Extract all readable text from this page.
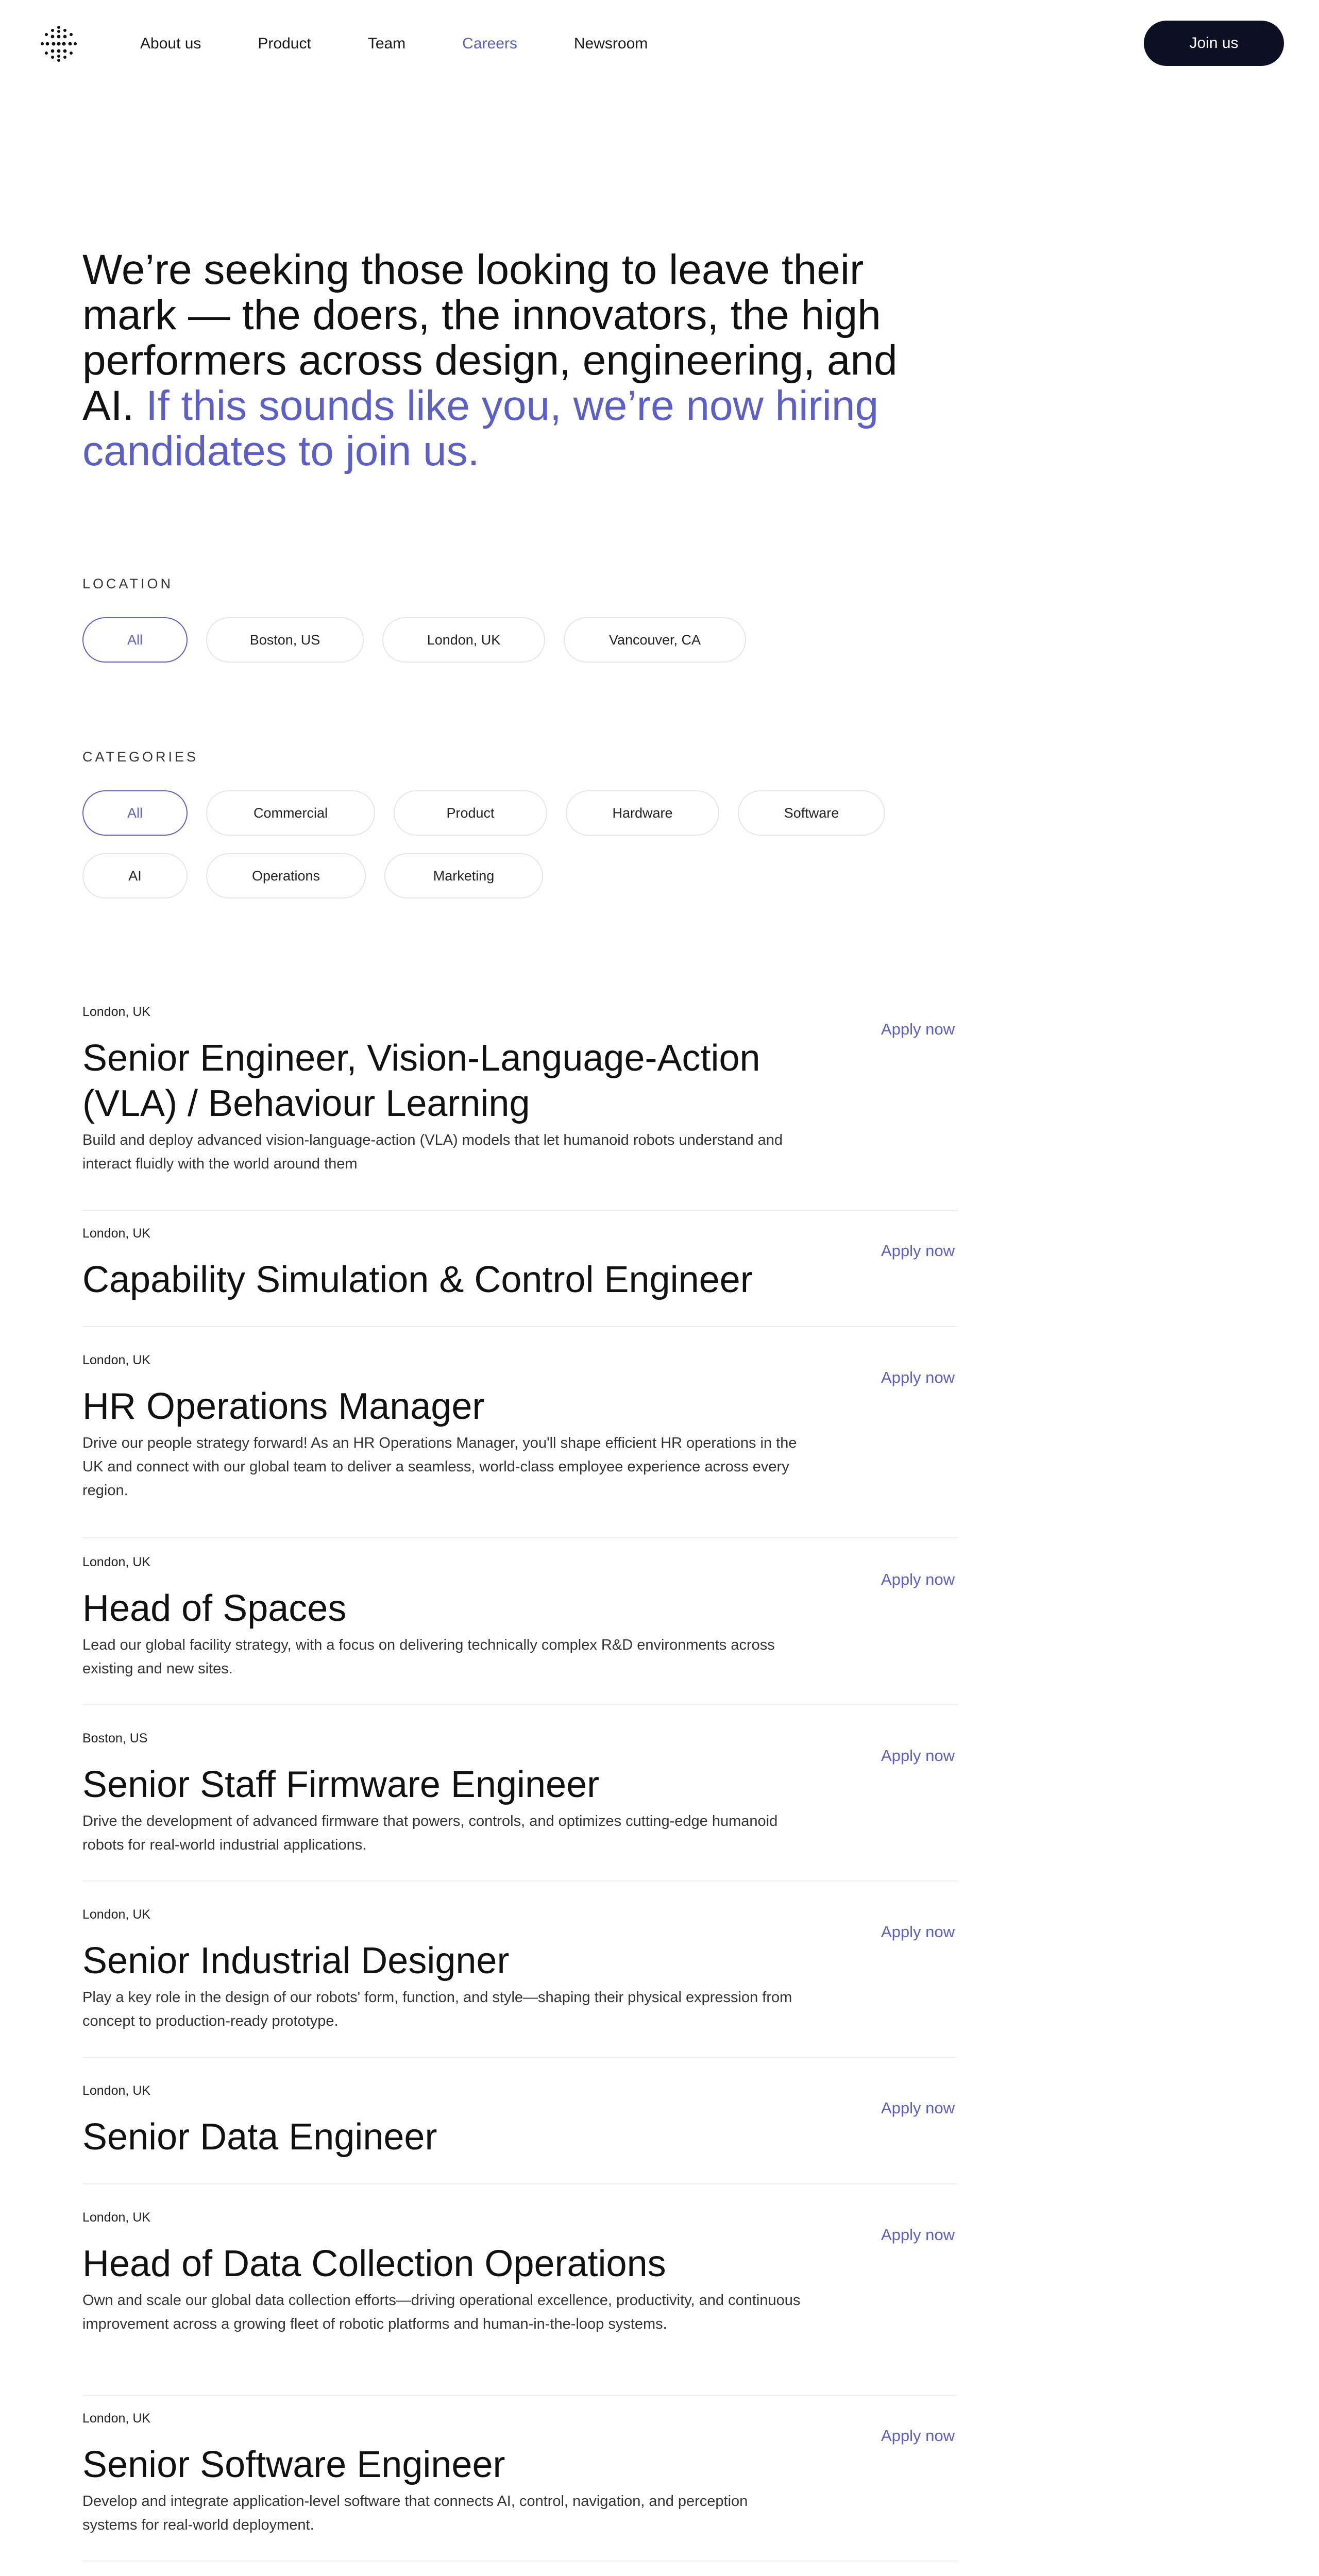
About us	Product	Team	Careers	Newsroom	Join us
We’re seeking those looking to leave their mark — the doers, the innovators, the high performers across design, engineering, and AI. If this sounds like you, we’re now hiring candidates to join us.
LOCATION
All	Boston, US	London, UK	Vancouver, CA
CATEGORIES
All	Commercial	Product	Hardware	Software
AI	Operations	Marketing
London, UK
Senior Engineer, Vision-Language-Action (VLA) / Behaviour Learning

Build and deploy advanced vision-language-action (VLA) models that let humanoid robots understand and interact fluidly with the world around them

Apply now
London, UK
Capability Simulation & Control Engineer
Apply now
London, UK
HR Operations Manager

Drive our people strategy forward! As an HR Operations Manager, you'll shape efficient HR operations in the UK and connect with our global team to deliver a seamless, world-class employee experience across every region.

Apply now
London, UK
Head of Spaces

Lead our global facility strategy, with a focus on delivering technically complex R&D environments across existing and new sites.

Apply now
Boston, US
Senior Staff Firmware Engineer

Drive the development of advanced firmware that powers, controls, and optimizes cutting-edge humanoid robots for real-world industrial applications.

Apply now
London, UK
Senior Industrial Designer

Play a key role in the design of our robots' form, function, and style—shaping their physical expression from concept to production-ready prototype.

Apply now
London, UK
Senior Data Engineer
Apply now
London, UK
Head of Data Collection Operations

Own and scale our global data collection efforts—driving operational excellence, productivity, and continuous improvement across a growing fleet of robotic platforms and human-in-the-loop systems.

Apply now
London, UK
Senior Software Engineer

Develop and integrate application-level software that connects AI, control, navigation, and perception systems for real-world deployment.

Apply now
